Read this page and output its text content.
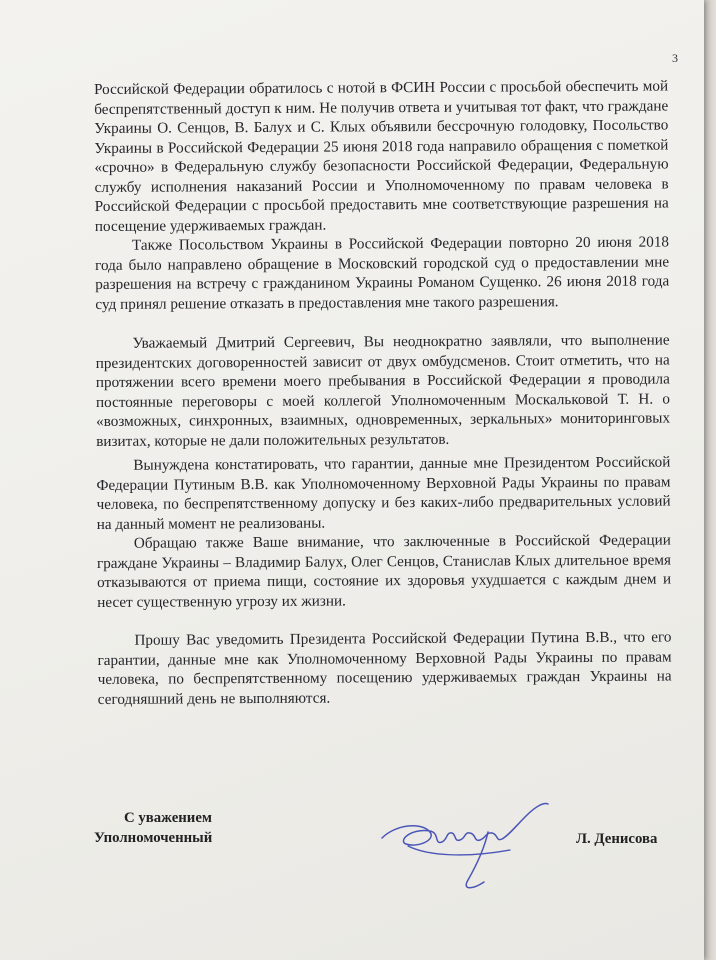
3

Российской Федерации обратилось с нотой в ФСИН России с просьбой обеспечить мой беспрепятственный доступ к ним. Не получив ответа и учитывая тот факт, что граждане Украины О. Сенцов, В. Балух и С. Клых объявили бессрочную голодовку, Посольство Украины в Российской Федерации 25 июня 2018 года направило обращения с пометкой «срочно» в Федеральную службу безопасности Российской Федерации, Федеральную службу исполнения наказаний России и Уполномоченному по правам человека в Российской Федерации с просьбой предоставить мне соответствующие разрешения на посещение удерживаемых граждан.

Также Посольством Украины в Российской Федерации повторно 20 июня 2018 года было направлено обращение в Московский городской суд о предоставлении мне разрешения на встречу с гражданином Украины Романом Сущенко. 26 июня 2018 года суд принял решение отказать в предоставления мне такого разрешения.

Уважаемый Дмитрий Сергеевич, Вы неоднократно заявляли, что выполнение президентских договоренностей зависит от двух омбудсменов. Стоит отметить, что на протяжении всего времени моего пребывания в Российской Федерации я проводила постоянные переговоры с моей коллегой Уполномоченным Москальковой Т. Н. о «возможных, синхронных, взаимных, одновременных, зеркальных» мониторинговых визитах, которые не дали положительных результатов.

Вынуждена констатировать, что гарантии, данные мне Президентом Российской Федерации Путиным В.В. как Уполномоченному Верховной Рады Украины по правам человека, по беспрепятственному допуску и без каких-либо предварительных условий на данный момент не реализованы.

Обращаю также Ваше внимание, что заключенные в Российской Федерации граждане Украины – Владимир Балух, Олег Сенцов, Станислав Клых длительное время отказываются от приема пищи, состояние их здоровья ухудшается с каждым днем и несет существенную угрозу их жизни.

Прошу Вас уведомить Президента Российской Федерации Путина В.В., что его гарантии, данные мне как Уполномоченному Верховной Рады Украины по правам человека, по беспрепятственному посещению удерживаемых граждан Украины на сегодняшний день не выполняются.

С уважением

Уполномоченный	Л. Денисова
